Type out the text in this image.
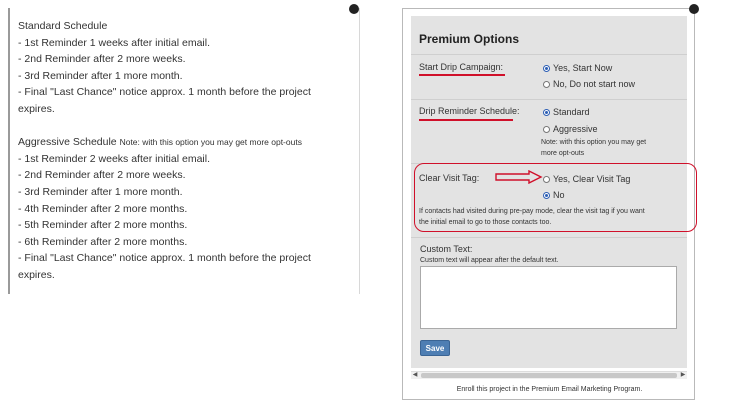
Standard Schedule
- 1st Reminder 1 weeks after initial email.
- 2nd Reminder after 2 more weeks.
- 3rd Reminder after 1 more month.
- Final "Last Chance" notice approx. 1 month before the project
expires.
Aggressive Schedule Note: with this option you may get more opt-outs
- 1st Reminder 2 weeks after initial email.
- 2nd Reminder after 2 more weeks.
- 3rd Reminder after 1 more month.
- 4th Reminder after 2 more months.
- 5th Reminder after 2 more months.
- 6th Reminder after 2 more months.
- Final "Last Chance" notice approx. 1 month before the project
expires.
Premium Options
Start Drip Campaign:	Yes, Start Now
No, Do not start now
Drip Reminder Schedule:	Standard
Aggressive
Note: with this option you may get
more opt-outs
Clear Visit Tag:	Yes, Clear Visit Tag
No
If contacts had visited during pre-pay mode, clear the visit tag if you want
the initial email to go to those contacts too.
Custom Text:
Custom text will appear after the default text.
Save
◀	▶
Enroll this project in the Premium Email Marketing Program.
